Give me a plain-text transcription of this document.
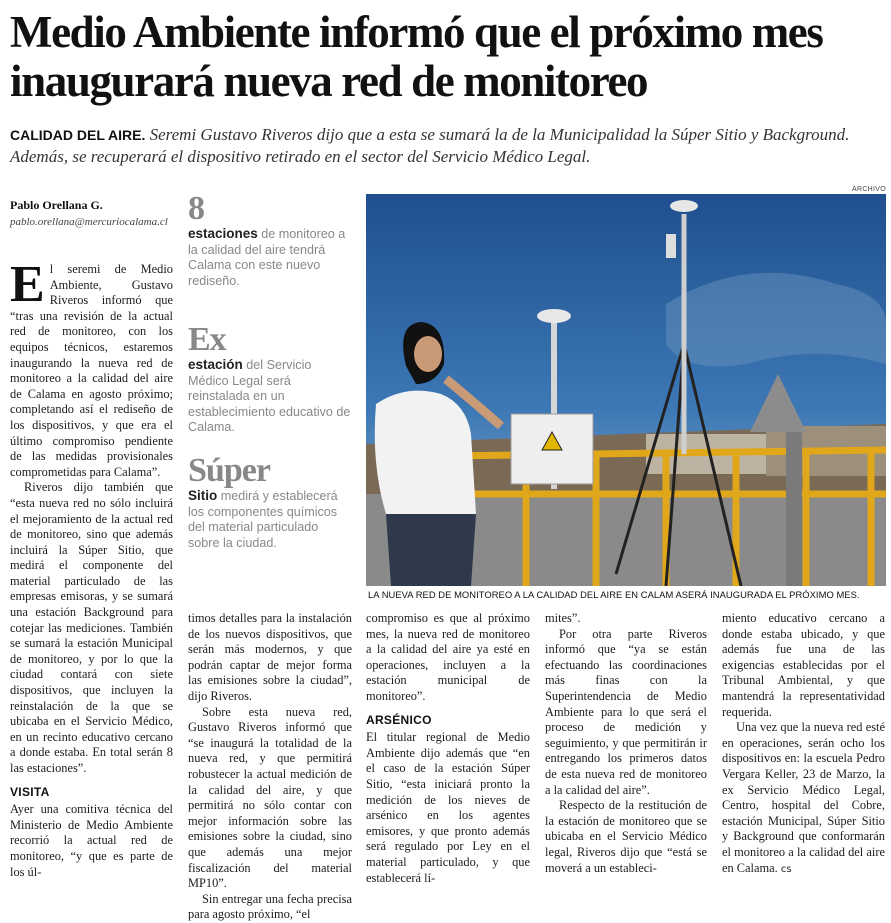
Medio Ambiente informó que el próximo mes inaugurará nueva red de monitoreo
CALIDAD DEL AIRE. Seremi Gustavo Riveros dijo que a esta se sumará la de la Municipalidad la Súper Sitio y Background. Además, se recuperará el dispositivo retirado en el sector del Servicio Médico Legal.
Pablo Orellana G.
pablo.orellana@mercuriocalama.cl
E l seremi de Medio Ambiente, Gustavo Riveros informó que “tras una revisión de la actual red de monitoreo, con los equipos técnicos, estaremos inaugurando la nueva red de monitoreo a la calidad del aire de Calama en agosto próximo; completando así el rediseño de los dispositivos, y que era el último compromiso pendiente de las medidas provisionales comprometidas para Calama”.

Riveros dijo también que “esta nueva red no sólo incluirá el mejoramiento de la actual red de monitoreo, sino que además incluirá la Súper Sitio, que medirá el componente del material particulado de las empresas emisoras, y se sumará una estación Background para cotejar las mediciones. También se sumará la estación Municipal de monitoreo, y por lo que la ciudad contará con siete dispositivos, que incluyen la reinstalación de la que se ubicaba en el Servicio Médico, en un recinto educativo cercano a donde estaba. En total serán 8 las estaciones”.

VISITA

Ayer una comitiva técnica del Ministerio de Medio Ambiente recorrió la actual red de monitoreo, “y que es parte de los úl-

8
estaciones de monitoreo a la calidad del aire tendrá Calama con este nuevo rediseño.
Ex
estación del Servicio Médico Legal será reinstalada en un establecimiento educativo de Calama.
Súper
Sitio medirá y establecerá los componentes químicos del material particulado sobre la ciudad.
ARCHIVO
LA NUEVA RED DE MONITOREO A LA CALIDAD DEL AIRE EN CALAM ASERÁ INAUGURADA EL PRÓXIMO MES.

timos detalles para la instalación de los nuevos dispositivos, que serán más modernos, y que podrán captar de mejor forma las emisiones sobre la ciudad”, dijo Riveros.

Sobre esta nueva red, Gustavo Riveros informó que “se inaugurá la totalidad de la nueva red, y que permitirá robustecer la actual medición de la calidad del aire, y que permitirá no sólo contar con mejor información sobre las emisiones sobre la ciudad, sino que además una mejor fiscalización del material MP10”.

Sin entregar una fecha precisa para agosto próximo, “el

compromiso es que al próximo mes, la nueva red de monitoreo a la calidad del aire ya esté en operaciones, incluyen a la estación municipal de monitoreo”.

ARSÉNICO

El titular regional de Medio Ambiente dijo además que “en el caso de la estación Súper Sitio, “esta iniciará pronto la medición de los nieves de arsénico en los agentes emisores, y que pronto además será regulado por Ley en el material particulado, y que establecerá lí-

mites”.

Por otra parte Riveros informó que “ya se están efectuando las coordinaciones más finas con la Superintendencia de Medio Ambiente para lo que será el proceso de medición y seguimiento, y que permitirán ir entregando los primeros datos de esta nueva red de monitoreo a la calidad del aire”.

Respecto de la restitución de la estación de monitoreo que se ubicaba en el Servicio Médico legal, Riveros dijo que “está se moverá a un estableci-

miento educativo cercano a donde estaba ubicado, y que además fue una de las exigencias establecidas por el Tribunal Ambiental, y que mantendrá la representatividad requerida.

Una vez que la nueva red esté en operaciones, serán ocho los dispositivos en: la escuela Pedro Vergara Keller, 23 de Marzo, la ex Servicio Médico Legal, Centro, hospital del Cobre, estación Municipal, Súper Sitio y Background que conformarán el monitoreo a la calidad del aire en Calama. cs
